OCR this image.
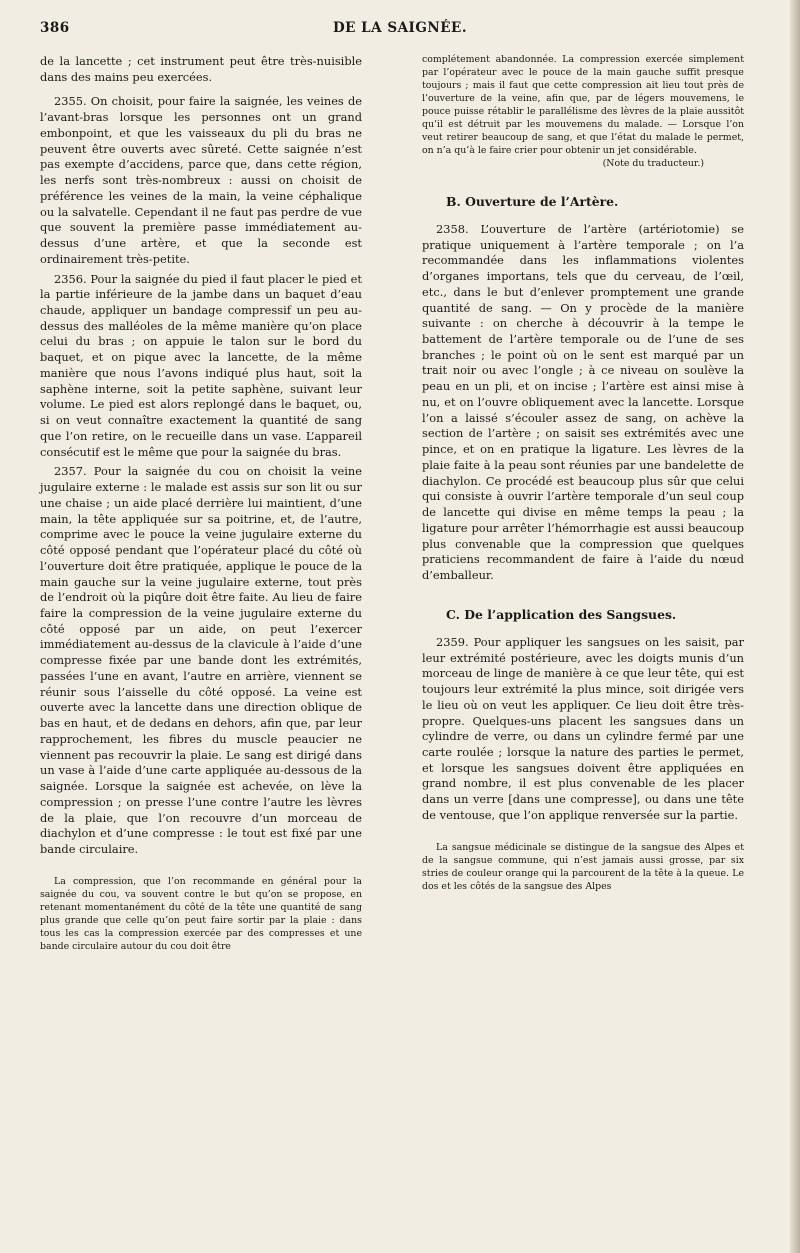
386	DE LA SAIGNÉE.

de la lancette ; cet instrument peut être très-nuisible dans des mains peu exercées.

2355. On choisit, pour faire la saignée, les veines de l’avant-bras lorsque les personnes ont un grand embonpoint, et que les vaisseaux du pli du bras ne peuvent être ouverts avec sûreté. Cette saignée n’est pas exempte d’accidens, parce que, dans cette région, les nerfs sont très-nombreux : aussi on choisit de préférence les veines de la main, la veine céphalique ou la salvatelle. Cependant il ne faut pas perdre de vue que souvent la première passe immédiatement au-dessus d’une artère, et que la seconde est ordinairement très-petite.

2356. Pour la saignée du pied il faut placer le pied et la partie inférieure de la jambe dans un baquet d’eau chaude, appliquer un bandage compressif un peu au-dessus des malléoles de la même manière qu’on place celui du bras ; on appuie le talon sur le bord du baquet, et on pique avec la lancette, de la même manière que nous l’avons indiqué plus haut, soit la saphène interne, soit la petite saphène, suivant leur volume. Le pied est alors replongé dans le baquet, ou, si on veut connaître exactement la quantité de sang que l’on retire, on le recueille dans un vase. L’appareil consécutif est le même que pour la saignée du bras.

2357. Pour la saignée du cou on choisit la veine jugulaire externe : le malade est assis sur son lit ou sur une chaise ; un aide placé derrière lui maintient, d’une main, la tête appliquée sur sa poitrine, et, de l’autre, comprime avec le pouce la veine jugulaire externe du côté opposé pendant que l’opérateur placé du côté où l’ouverture doit être pratiquée, applique le pouce de la main gauche sur la veine jugulaire externe, tout près de l’endroit où la piqûre doit être faite. Au lieu de faire faire la compression de la veine jugulaire externe du côté opposé par un aide, on peut l’exercer immédiatement au-dessus de la clavicule à l’aide d’une compresse fixée par une bande dont les extrémités, passées l’une en avant, l’autre en arrière, viennent se réunir sous l’aisselle du côté opposé. La veine est ouverte avec la lancette dans une direction oblique de bas en haut, et de dedans en dehors, afin que, par leur rapprochement, les fibres du muscle peaucier ne viennent pas recouvrir la plaie. Le sang est dirigé dans un vase à l’aide d’une carte appliquée au-dessous de la saignée. Lorsque la saignée est achevée, on lève la compression ; on presse l’une contre l’autre les lèvres de la plaie, que l’on recouvre d’un morceau de diachylon et d’une compresse : le tout est fixé par une bande circulaire.

La compression, que l’on recommande en général pour la saignée du cou, va souvent contre le but qu’on se propose, en retenant momentanément du côté de la tête une quantité de sang plus grande que celle qu’on peut faire sortir par la plaie : dans tous les cas la compression exercée par des compresses et une bande circulaire autour du cou doit être

complétement abandonnée. La compression exercée simplement par l’opérateur avec le pouce de la main gauche suffit presque toujours ; mais il faut que cette compression ait lieu tout près de l’ouverture de la veine, afin que, par de légers mouvemens, le pouce puisse rétablir le parallélisme des lèvres de la plaie aussitôt qu’il est détruit par les mouvemens du malade. — Lorsque l’on veut retirer beaucoup de sang, et que l’état du malade le permet, on n’a qu’à le faire crier pour obtenir un jet considérable.

(Note du traducteur.)

B. Ouverture de l’Artère.

2358. L’ouverture de l’artère (artériotomie) se pratique uniquement à l’artère temporale ; on l’a recommandée dans les inflammations violentes d’organes importans, tels que du cerveau, de l’œil, etc., dans le but d’enlever promptement une grande quantité de sang. — On y procède de la manière suivante : on cherche à découvrir à la tempe le battement de l’artère temporale ou de l’une de ses branches ; le point où on le sent est marqué par un trait noir ou avec l’ongle ; à ce niveau on soulève la peau en un pli, et on incise ; l’artère est ainsi mise à nu, et on l’ouvre obliquement avec la lancette. Lorsque l’on a laissé s’écouler assez de sang, on achève la section de l’artère ; on saisit ses extrémités avec une pince, et on en pratique la ligature. Les lèvres de la plaie faite à la peau sont réunies par une bandelette de diachylon. Ce procédé est beaucoup plus sûr que celui qui consiste à ouvrir l’artère temporale d’un seul coup de lancette qui divise en même temps la peau ; la ligature pour arrêter l’hémorrhagie est aussi beaucoup plus convenable que la compression que quelques praticiens recommandent de faire à l’aide du nœud d’emballeur.

C. De l’application des Sangsues.

2359. Pour appliquer les sangsues on les saisit, par leur extrémité postérieure, avec les doigts munis d’un morceau de linge de manière à ce que leur tête, qui est toujours leur extrémité la plus mince, soit dirigée vers le lieu où on veut les appliquer. Ce lieu doit être très-propre. Quelques-uns placent les sangsues dans un cylindre de verre, ou dans un cylindre fermé par une carte roulée ; lorsque la nature des parties le permet, et lorsque les sangsues doivent être appliquées en grand nombre, il est plus convenable de les placer dans un verre [dans une compresse], ou dans une tête de ventouse, que l’on applique renversée sur la partie.

La sangsue médicinale se distingue de la sangsue des Alpes et de la sangsue commune, qui n’est jamais aussi grosse, par six stries de couleur orange qui la parcourent de la tête à la queue. Le dos et les côtés de la sangsue des Alpes
